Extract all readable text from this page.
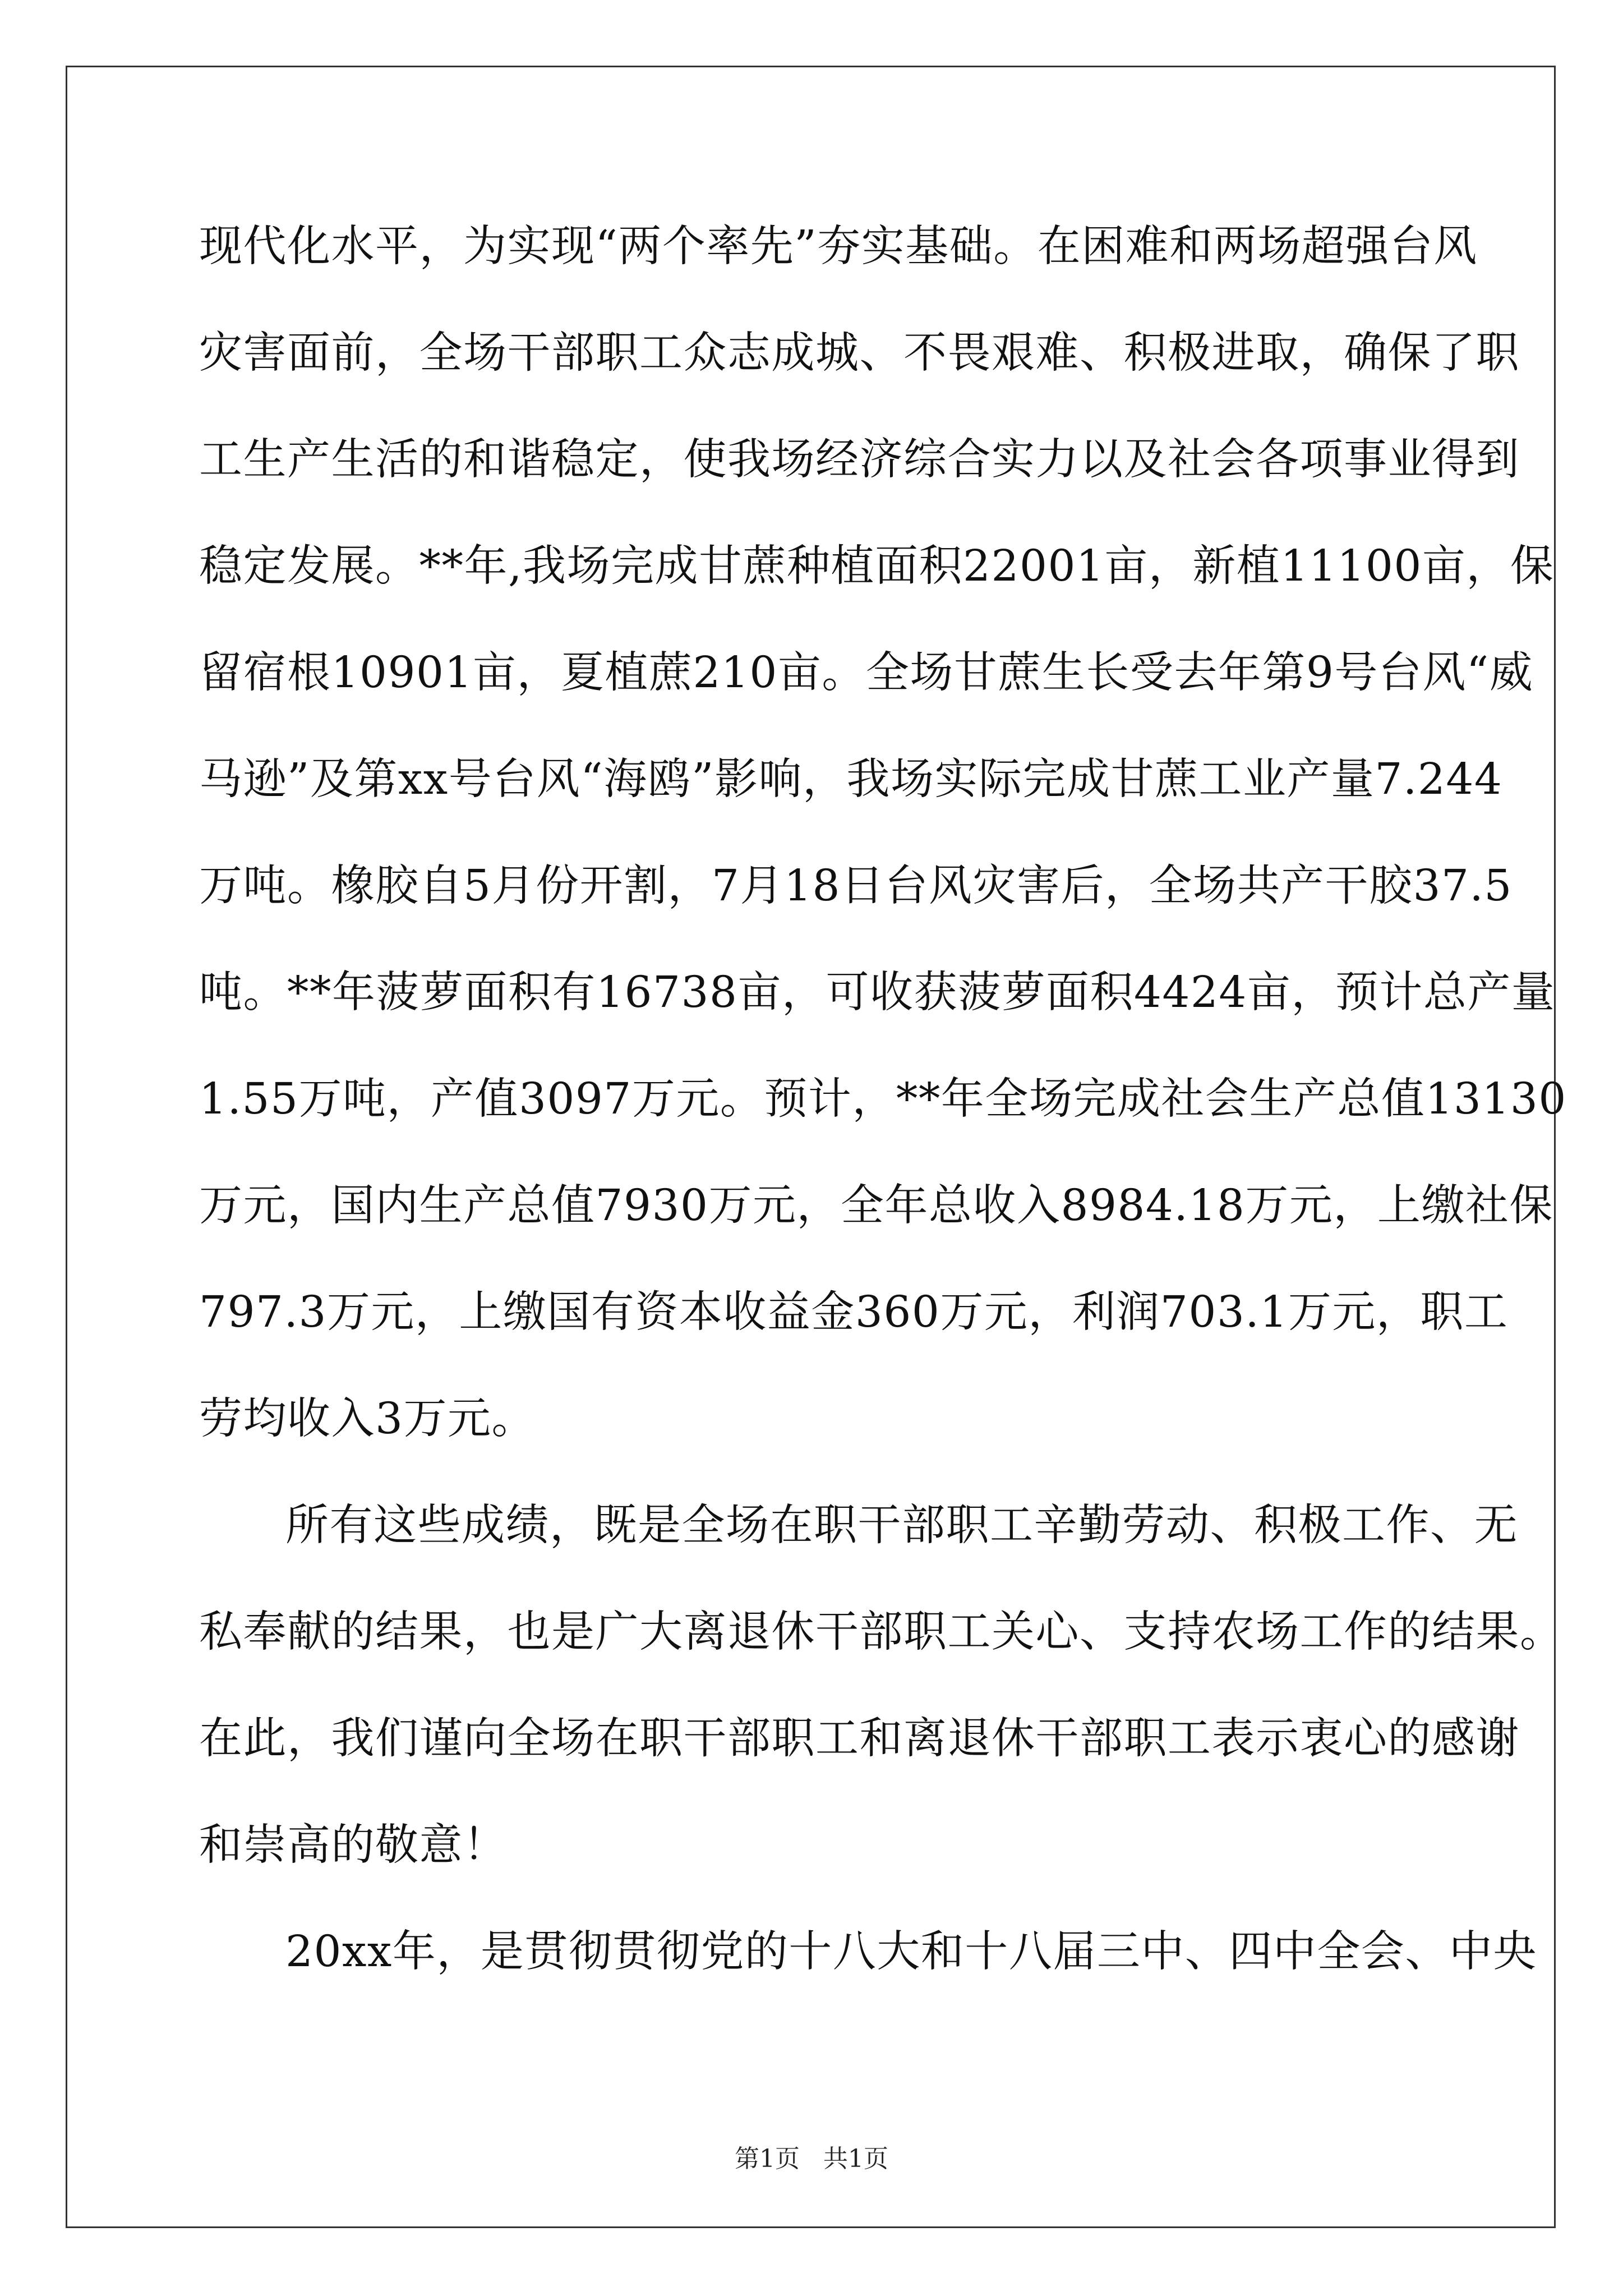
现代化水平，为实现“两个率先”夯实基础。在困难和两场超强台风
灾害面前，全场干部职工众志成城、不畏艰难、积极进取，确保了职
工生产生活的和谐稳定，使我场经济综合实力以及社会各项事业得到
稳定发展。**年,我场完成甘蔗种植面积22001亩，新植11100亩，保
留宿根10901亩，夏植蔗210亩。全场甘蔗生长受去年第9号台风“威
马逊”及第xx号台风“海鸥”影响，我场实际完成甘蔗工业产量7.244
万吨。橡胶自5月份开割，7月18日台风灾害后，全场共产干胶37.5
吨。**年菠萝面积有16738亩，可收获菠萝面积4424亩，预计总产量
1.55万吨，产值3097万元。预计，**年全场完成社会生产总值13130
万元，国内生产总值7930万元，全年总收入8984.18万元，上缴社保
797.3万元，上缴国有资本收益金360万元，利润703.1万元，职工
劳均收入3万元。
所有这些成绩，既是全场在职干部职工辛勤劳动、积极工作、无
私奉献的结果，也是广大离退休干部职工关心、支持农场工作的结果。
在此，我们谨向全场在职干部职工和离退休干部职工表示衷心的感谢
和崇高的敬意！
20xx年，是贯彻贯彻党的十八大和十八届三中、四中全会、中央
第1页   共1页
